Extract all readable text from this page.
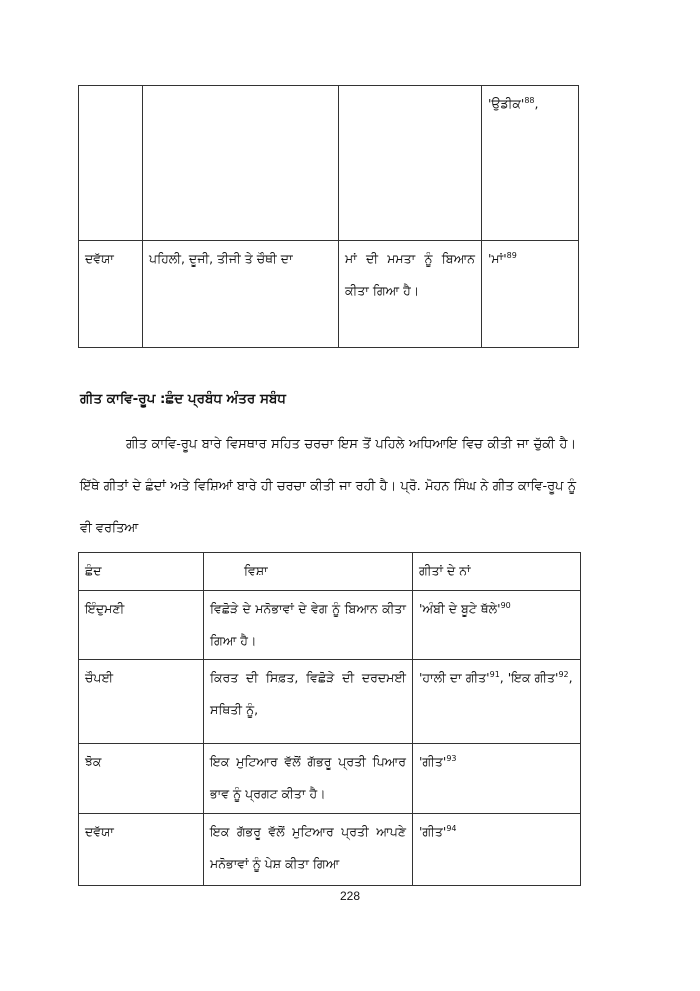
			'$ਉਡੀਕ'^{88}$,
ਦਵੱਯਾ	ਪਹਿਲੀ, ਦੂਜੀ, ਤੀਜੀ ਤੇ ਚੌਥੀ ਦਾ	ਮਾਂ ਦੀ ਮਮਤਾ ਨੂੰ ਬਿਆਨ ਕੀਤਾ ਗਿਆ ਹੈ।	'$ਮਾਂ'^{89}$
ਗੀਤ ਕਾਵਿ-ਰੂਪ :ਛੰਦ ਪ੍ਰਬੰਧ ਅੰਤਰ ਸਬੰਧ
ਗੀਤ ਕਾਵਿ-ਰੂਪ ਬਾਰੇ ਵਿਸਥਾਰ ਸਹਿਤ ਚਰਚਾ ਇਸ ਤੋਂ ਪਹਿਲੇ ਅਧਿਆਇ ਵਿਚ ਕੀਤੀ ਜਾ ਚੁੱਕੀ ਹੈ। ਇੱਥੇ ਗੀਤਾਂ ਦੇ ਛੰਦਾਂ ਅਤੇ ਵਿਸ਼ਿਆਂ ਬਾਰੇ ਹੀ ਚਰਚਾ ਕੀਤੀ ਜਾ ਰਹੀ ਹੈ। ਪ੍ਰੋ. ਮੋਹਨ ਸਿੰਘ ਨੇ ਗੀਤ ਕਾਵਿ-ਰੂਪ ਨੂੰ ਵੀ ਵਰਤਿਆ
ਛੰਦ	ਵਿਸ਼ਾ	ਗੀਤਾਂ ਦੇ ਨਾਂ
ਇੰਦੁਮਣੀ	ਵਿਛੋੜੇ ਦੇ ਮਨੋਭਾਵਾਂ ਦੇ ਵੇਗ ਨੂੰ ਬਿਆਨ ਕੀਤਾ ਗਿਆ ਹੈ।	'ਅੰਬੀ ਦੇ ਬੂਟੇ $ਥੱਲੇ'^{90}$
ਚੌਪਈ	ਕਿਰਤ ਦੀ ਸਿਫ਼ਤ, ਵਿਛੋੜੇ ਦੀ ਦਰਦਮਈ ਸਥਿਤੀ ਨੂੰ,	'ਹਾਲੀ ਦਾ $ਗੀਤ'^{91}$, 'ਇਕ $ਗੀਤ'^{92}$,
ਝੋਕ	ਇਕ ਮੁਟਿਆਰ ਵੱਲੋਂ ਗੱਭਰੂ ਪ੍ਰਤੀ ਪਿਆਰ ਭਾਵ ਨੂੰ ਪ੍ਰਗਟ ਕੀਤਾ ਹੈ।	'$ਗੀਤ'^{93}$
ਦਵੱਯਾ	ਇਕ ਗੱਭਰੂ ਵੱਲੋਂ ਮੁਟਿਆਰ ਪ੍ਰਤੀ ਆਪਣੇ ਮਨੋਭਾਵਾਂ ਨੂੰ ਪੇਸ਼ ਕੀਤਾ ਗਿਆ	'$ਗੀਤ'^{94}$
228
